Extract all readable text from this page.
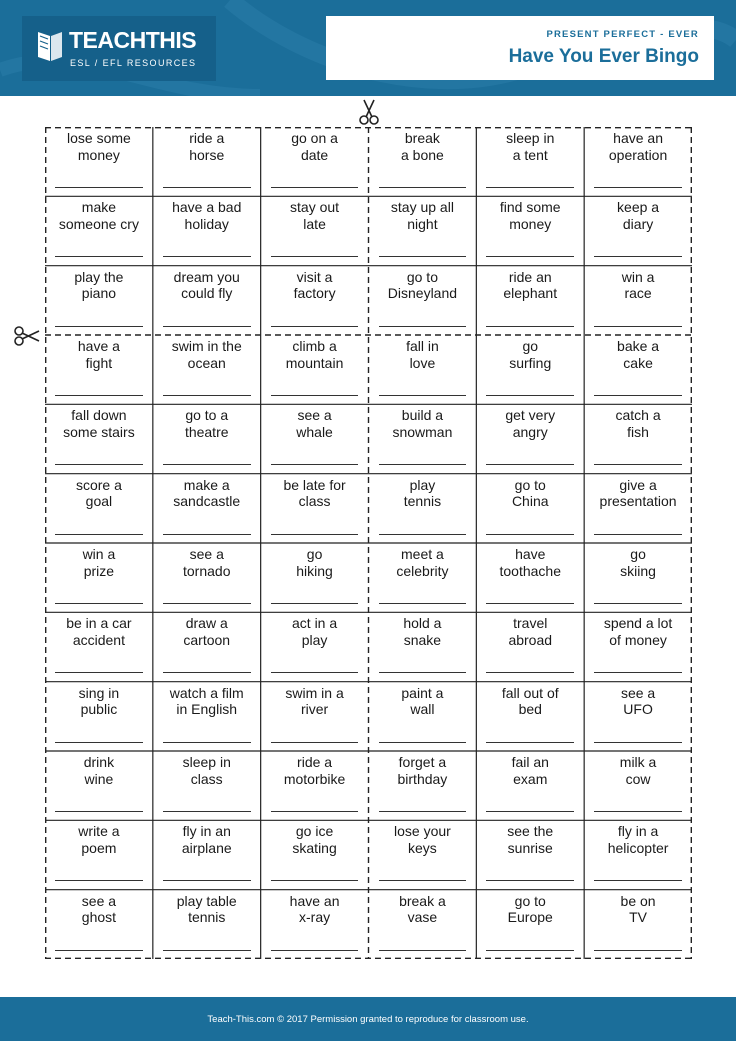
TEACHTHIS
ESL / EFL RESOURCES
PRESENT PERFECT - EVER
Have You Ever Bingo
lose some
money
ride a
horse
go on a
date
break
a bone
sleep in
a tent
have an
operation
make
someone cry
have a bad
holiday
stay out
late
stay up all
night
find some
money
keep a
diary
play the
piano
dream you
could fly
visit a
factory
go to
Disneyland
ride an
elephant
win a
race
have a
fight
swim in the
ocean
climb a
mountain
fall in
love
go
surfing
bake a
cake
fall down
some stairs
go to a
theatre
see a
whale
build a
snowman
get very
angry
catch a
fish
score a
goal
make a
sandcastle
be late for
class
play
tennis
go to
China
give a
presentation
win a
prize
see a
tornado
go
hiking
meet a
celebrity
have
toothache
go
skiing
be in a car
accident
draw a
cartoon
act in a
play
hold a
snake
travel
abroad
spend a lot
of money
sing in
public
watch a film
in English
swim in a
river
paint a
wall
fall out of
bed
see a
UFO
drink
wine
sleep in
class
ride a
motorbike
forget a
birthday
fail an
exam
milk a
cow
write a
poem
fly in an
airplane
go ice
skating
lose your
keys
see the
sunrise
fly in a
helicopter
see a
ghost
play table
tennis
have an
x-ray
break a
vase
go to
Europe
be on
TV
Teach-This.com © 2017 Permission granted to reproduce for classroom use.
